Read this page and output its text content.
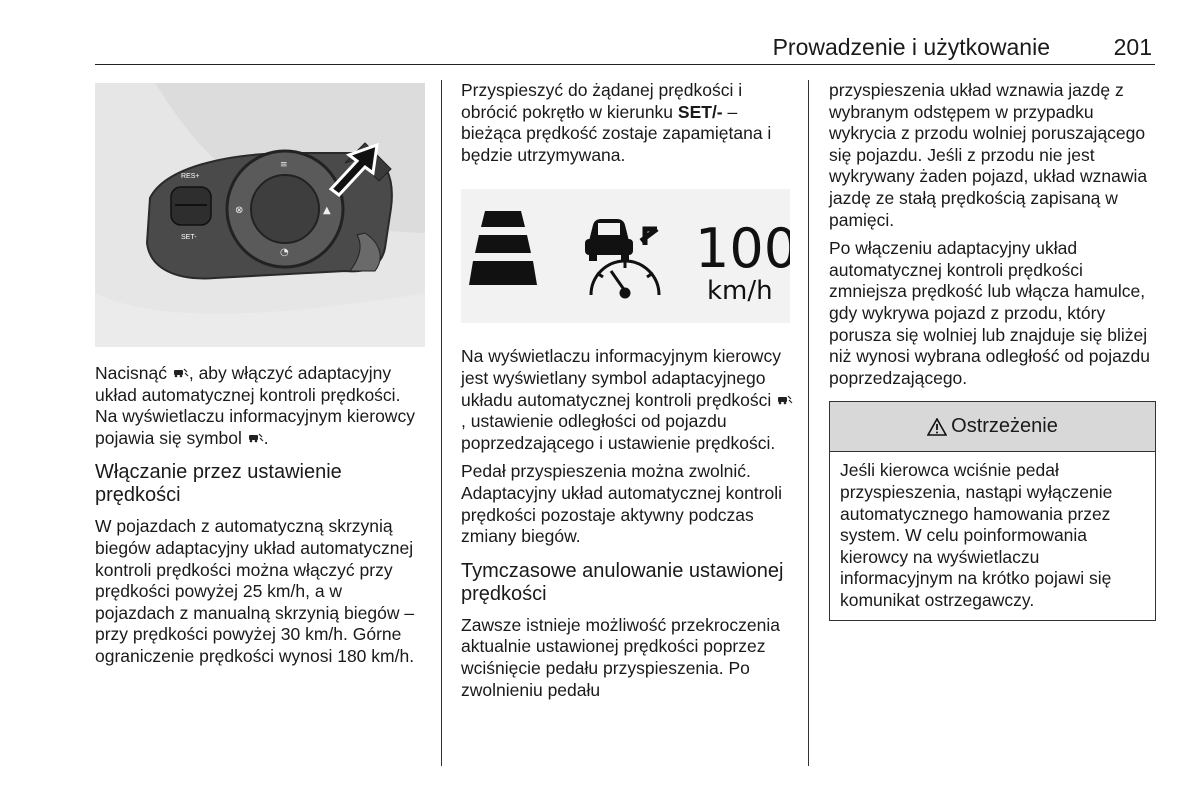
Prowadzenie i użytkowanie	201
RES+
SET-
≡
⊗	▲
◔

Nacisnąć , aby włączyć adaptacyjny układ automatycznej kontroli prędkości. Na wyświetlaczu informacyjnym kierowcy pojawia się symbol .

Włączanie przez ustawienie prędkości

W pojazdach z automatyczną skrzynią biegów adaptacyjny układ automatycznej kontroli prędkości można włączyć przy prędkości powyżej 25 km/h, a w pojazdach z manualną skrzynią biegów – przy prędkości powyżej 30 km/h. Górne ograniczenie prędkości wynosi 180 km/h.

Przyspieszyć do żądanej prędkości i obrócić pokrętło w kierunku SET/- – bieżąca prędkość zostaje zapamiętana i będzie utrzymywana.

100
km/h

Na wyświetlaczu informacyjnym kierowcy jest wyświetlany symbol adaptacyjnego układu automatycznej kontroli prędkości , ustawienie odległości od pojazdu poprzedzającego i ustawienie prędkości.

Pedał przyspieszenia można zwolnić. Adaptacyjny układ automatycznej kontroli prędkości pozostaje aktywny podczas zmiany biegów.

Tymczasowe anulowanie ustawionej prędkości

Zawsze istnieje możliwość przekroczenia aktualnie ustawionej prędkości poprzez wciśnięcie pedału przyspieszenia. Po zwolnieniu pedału

przyspieszenia układ wznawia jazdę z wybranym odstępem w przypadku wykrycia z przodu wolniej poruszającego się pojazdu. Jeśli z przodu nie jest wykrywany żaden pojazd, układ wznawia jazdę ze stałą prędkością zapisaną w pamięci.

Po włączeniu adaptacyjny układ automatycznej kontroli prędkości zmniejsza prędkość lub włącza hamulce, gdy wykrywa pojazd z przodu, który porusza się wolniej lub znajduje się bliżej niż wynosi wybrana odległość od pojazdu poprzedzającego.

Ostrzeżenie
Jeśli kierowca wciśnie pedał przyspieszenia, nastąpi wyłączenie automatycznego hamowania przez system. W celu poinformowania kierowcy na wyświetlaczu informacyjnym na krótko pojawi się komunikat ostrzegawczy.
